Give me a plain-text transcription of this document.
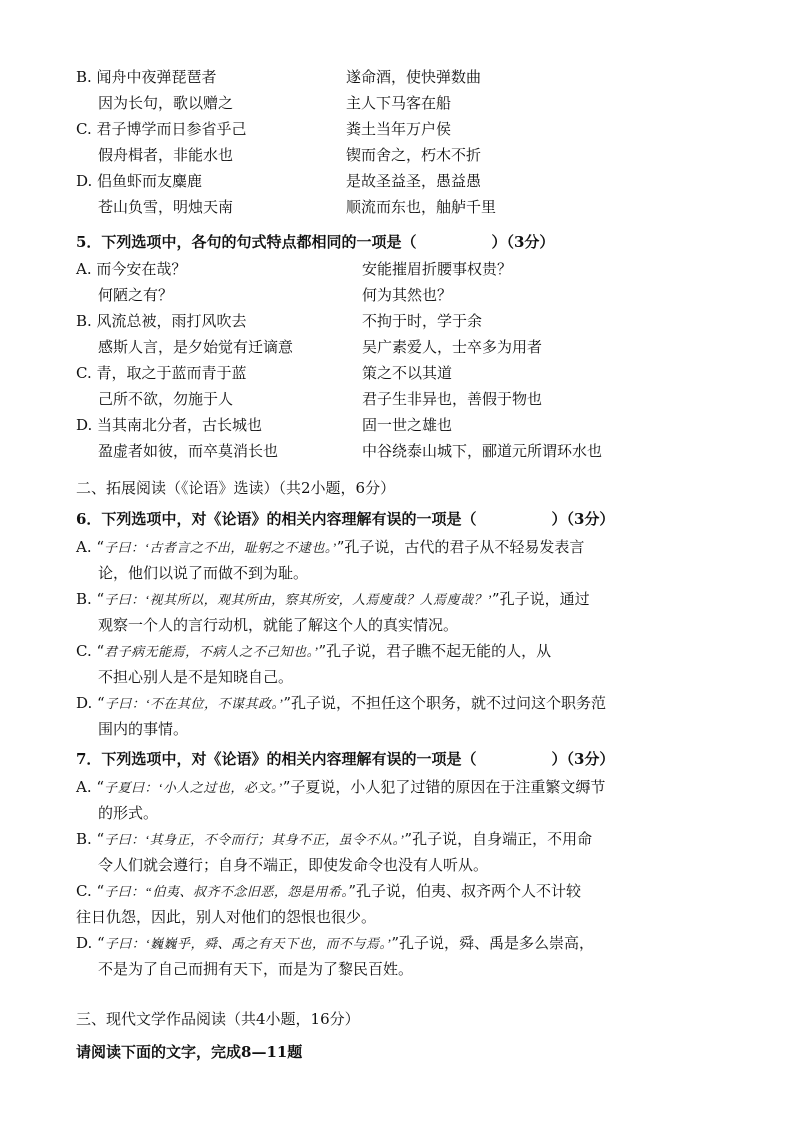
B. 闻舟中夜弹琵琶者	遂命酒，使快弹数曲
因为长句，歌以赠之	主人下马客在船
C. 君子博学而日参省乎己	粪土当年万户侯
假舟楫者，非能水也	锲而舍之，朽木不折
D. 侣鱼虾而友麋鹿	是故圣益圣，愚益愚
苍山负雪，明烛天南	顺流而东也，舳舻千里
5．下列选项中，各句的句式特点都相同的一项是（　　　　　）（3分）
A. 而今安在哉？	安能摧眉折腰事权贵？
何陋之有？	何为其然也？
B. 风流总被，雨打风吹去	不拘于时，学于余
感斯人言，是夕始觉有迁谪意	吴广素爱人，士卒多为用者
C. 青，取之于蓝而青于蓝	策之不以其道
己所不欲，勿施于人	君子生非异也，善假于物也
D. 当其南北分者，古长城也	固一世之雄也
盈虚者如彼，而卒莫消长也	中谷绕泰山城下，郦道元所谓环水也
二、拓展阅读（《论语》选读）（共2小题，6分）
6．下列选项中，对《论语》的相关内容理解有误的一项是（　　　　　）（3分）
A. “子曰：‘古者言之不出，耻躬之不逮也。’”孔子说，古代的君子从不轻易发表言
论，他们以说了而做不到为耻。
B. “子曰：‘视其所以，观其所由，察其所安，人焉廋哉？人焉廋哉？’”孔子说，通过
观察一个人的言行动机，就能了解这个人的真实情况。
C. “君子病无能焉，不病人之不己知也。’”孔子说，君子瞧不起无能的人，从
不担心别人是不是知晓自己。
D. “子曰：‘不在其位，不谋其政。’”孔子说，不担任这个职务，就不过问这个职务范
围内的事情。
7．下列选项中，对《论语》的相关内容理解有误的一项是（　　　　　）（3分）
A. “子夏曰：‘小人之过也，必文。’”子夏说，小人犯了过错的原因在于注重繁文缛节
的形式。
B. “子曰：‘其身正，不令而行；其身不正，虽令不从。’”孔子说，自身端正，不用命
令人们就会遵行；自身不端正，即使发命令也没有人听从。
C. “子曰：“伯夷、叔齐不念旧恶，怨是用希。”孔子说，伯夷、叔齐两个人不计较
往日仇怨，因此，别人对他们的怨恨也很少。
D. “子曰：‘巍巍乎，舜、禹之有天下也，而不与焉。’”孔子说，舜、禹是多么崇高，
不是为了自己而拥有天下，而是为了黎民百姓。
三、现代文学作品阅读（共4小题，16分）
请阅读下面的文字，完成8—11题
